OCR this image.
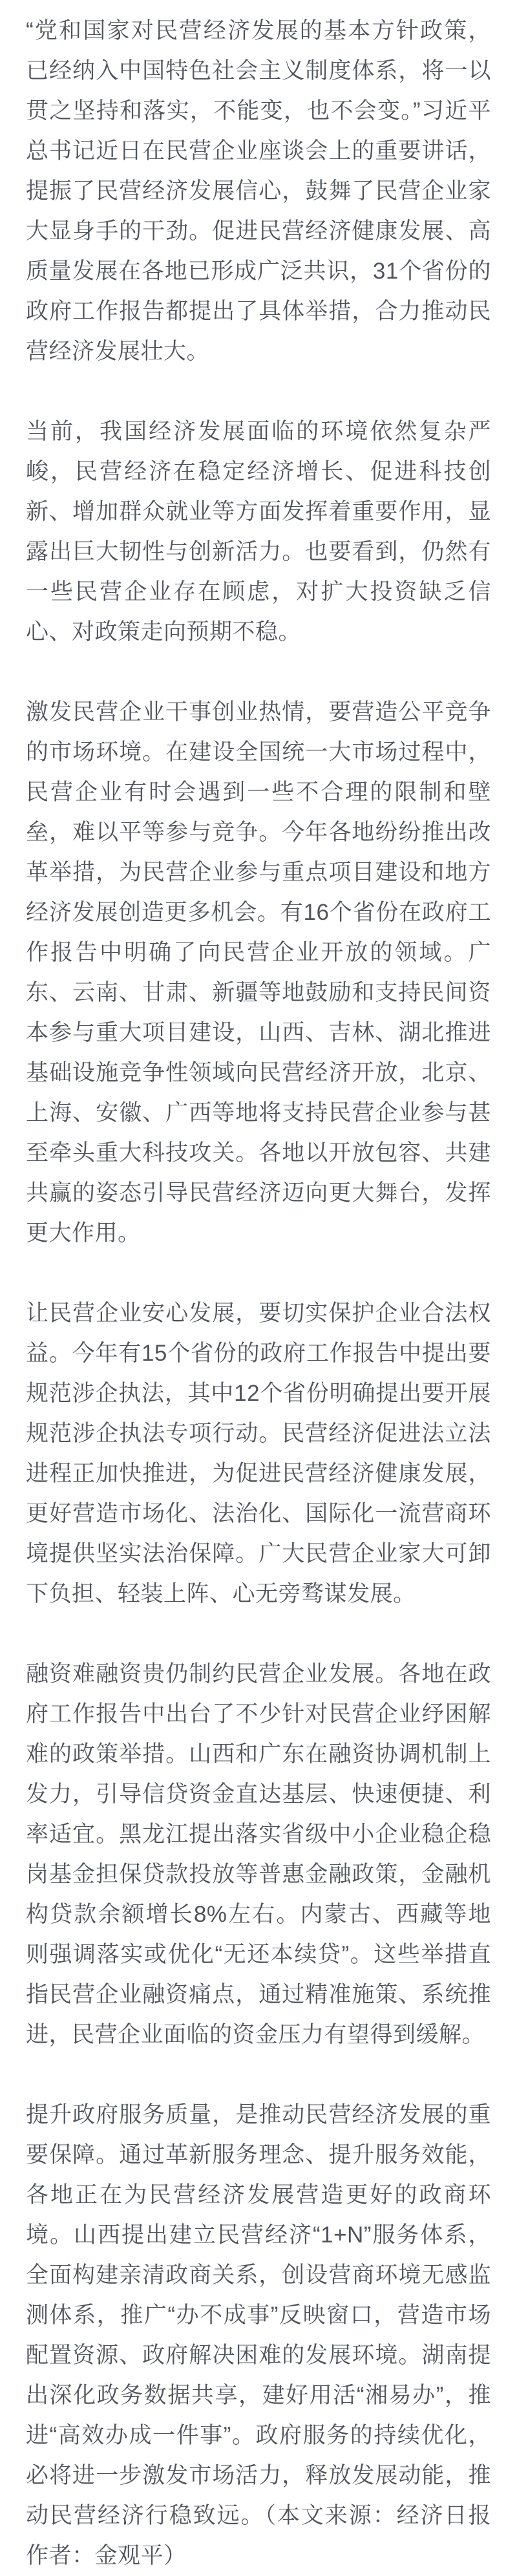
“党和国家对民营经济发展的基本方针政策，已经纳入中国特色社会主义制度体系，将一以贯之坚持和落实，不能变，也不会变。”习近平总书记近日在民营企业座谈会上的重要讲话，提振了民营经济发展信心，鼓舞了民营企业家大显身手的干劲。促进民营经济健康发展、高质量发展在各地已形成广泛共识，31个省份的政府工作报告都提出了具体举措，合力推动民营经济发展壮大。

当前，我国经济发展面临的环境依然复杂严峻，民营经济在稳定经济增长、促进科技创新、增加群众就业等方面发挥着重要作用，显露出巨大韧性与创新活力。也要看到，仍然有一些民营企业存在顾虑，对扩大投资缺乏信心、对政策走向预期不稳。

激发民营企业干事创业热情，要营造公平竞争的市场环境。在建设全国统一大市场过程中，民营企业有时会遇到一些不合理的限制和壁垒，难以平等参与竞争。今年各地纷纷推出改革举措，为民营企业参与重点项目建设和地方经济发展创造更多机会。有16个省份在政府工作报告中明确了向民营企业开放的领域。广东、云南、甘肃、新疆等地鼓励和支持民间资本参与重大项目建设，山西、吉林、湖北推进基础设施竞争性领域向民营经济开放，北京、上海、安徽、广西等地将支持民营企业参与甚至牵头重大科技攻关。各地以开放包容、共建共赢的姿态引导民营经济迈向更大舞台，发挥更大作用。

让民营企业安心发展，要切实保护企业合法权益。今年有15个省份的政府工作报告中提出要规范涉企执法，其中12个省份明确提出要开展规范涉企执法专项行动。民营经济促进法立法进程正加快推进，为促进民营经济健康发展，更好营造市场化、法治化、国际化一流营商环境提供坚实法治保障。广大民营企业家大可卸下负担、轻装上阵、心无旁骛谋发展。

融资难融资贵仍制约民营企业发展。各地在政府工作报告中出台了不少针对民营企业纾困解难的政策举措。山西和广东在融资协调机制上发力，引导信贷资金直达基层、快速便捷、利率适宜。黑龙江提出落实省级中小企业稳企稳岗基金担保贷款投放等普惠金融政策，金融机构贷款余额增长8%左右。内蒙古、西藏等地则强调落实或优化“无还本续贷”。这些举措直指民营企业融资痛点，通过精准施策、系统推进，民营企业面临的资金压力有望得到缓解。

提升政府服务质量，是推动民营经济发展的重要保障。通过革新服务理念、提升服务效能，各地正在为民营经济发展营造更好的政商环境。山西提出建立民营经济“1+N”服务体系，全面构建亲清政商关系，创设营商环境无感监测体系，推广“办不成事”反映窗口，营造市场配置资源、政府解决困难的发展环境。湖南提出深化政务数据共享，建好用活“湘易办”，推进“高效办成一件事”。政府服务的持续优化，必将进一步激发市场活力，释放发展动能，推动民营经济行稳致远。（本文来源：经济日报 作者：金观平）
